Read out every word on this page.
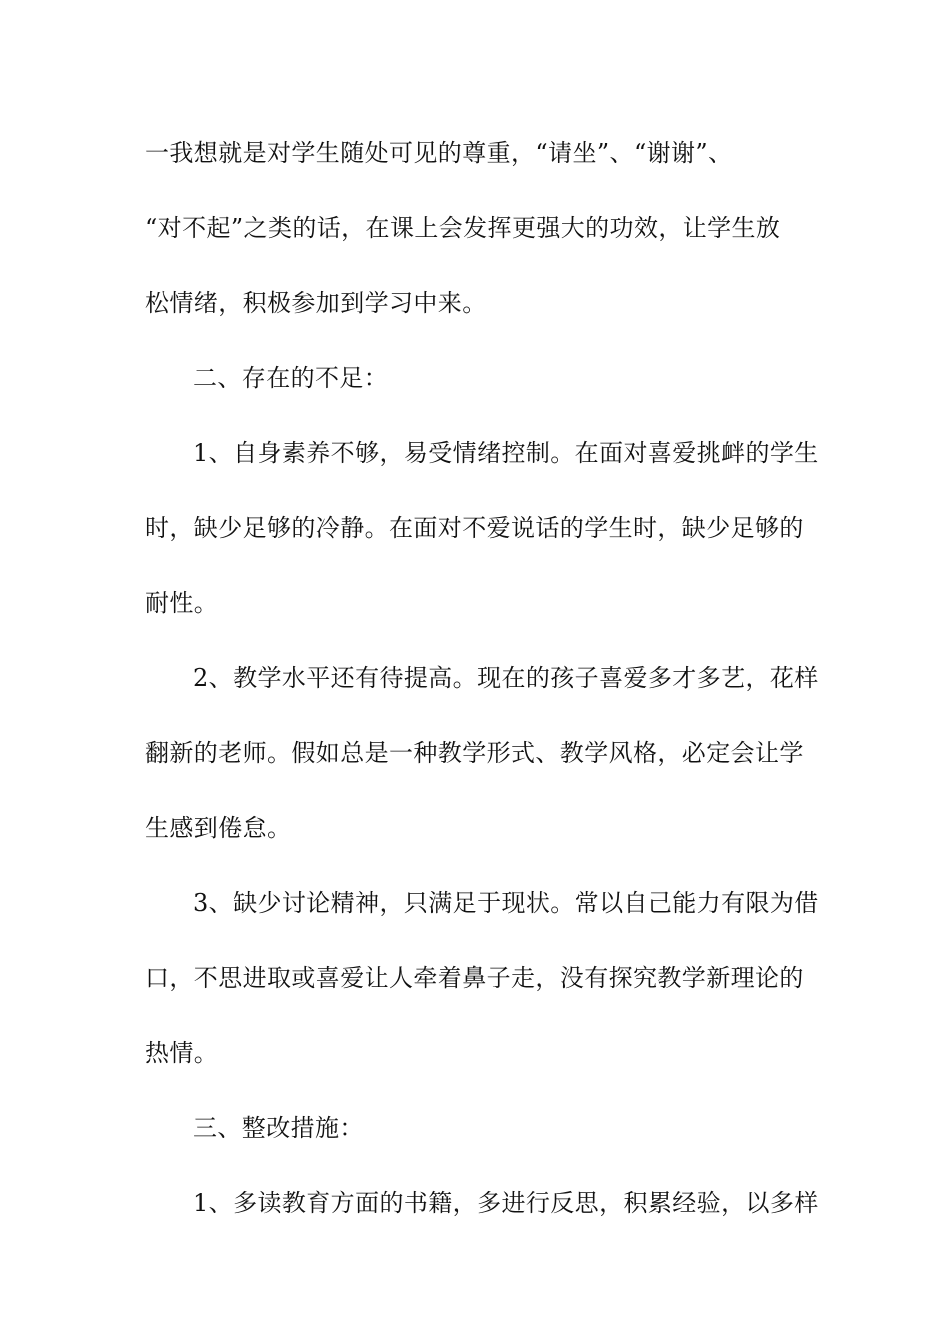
一我想就是对学生随处可见的尊重，“请坐”、“谢谢”、
“对不起”之类的话，在课上会发挥更强大的功效，让学生放
松情绪，积极参加到学习中来。
二、存在的不足：
1、自身素养不够，易受情绪控制。在面对喜爱挑衅的学生
时，缺少足够的冷静。在面对不爱说话的学生时，缺少足够的
耐性。
2、教学水平还有待提高。现在的孩子喜爱多才多艺，花样
翻新的老师。假如总是一种教学形式、教学风格，必定会让学
生感到倦怠。
3、缺少讨论精神，只满足于现状。常以自己能力有限为借
口，不思进取或喜爱让人牵着鼻子走，没有探究教学新理论的
热情。
三、整改措施：
1、多读教育方面的书籍，多进行反思，积累经验，以多样
